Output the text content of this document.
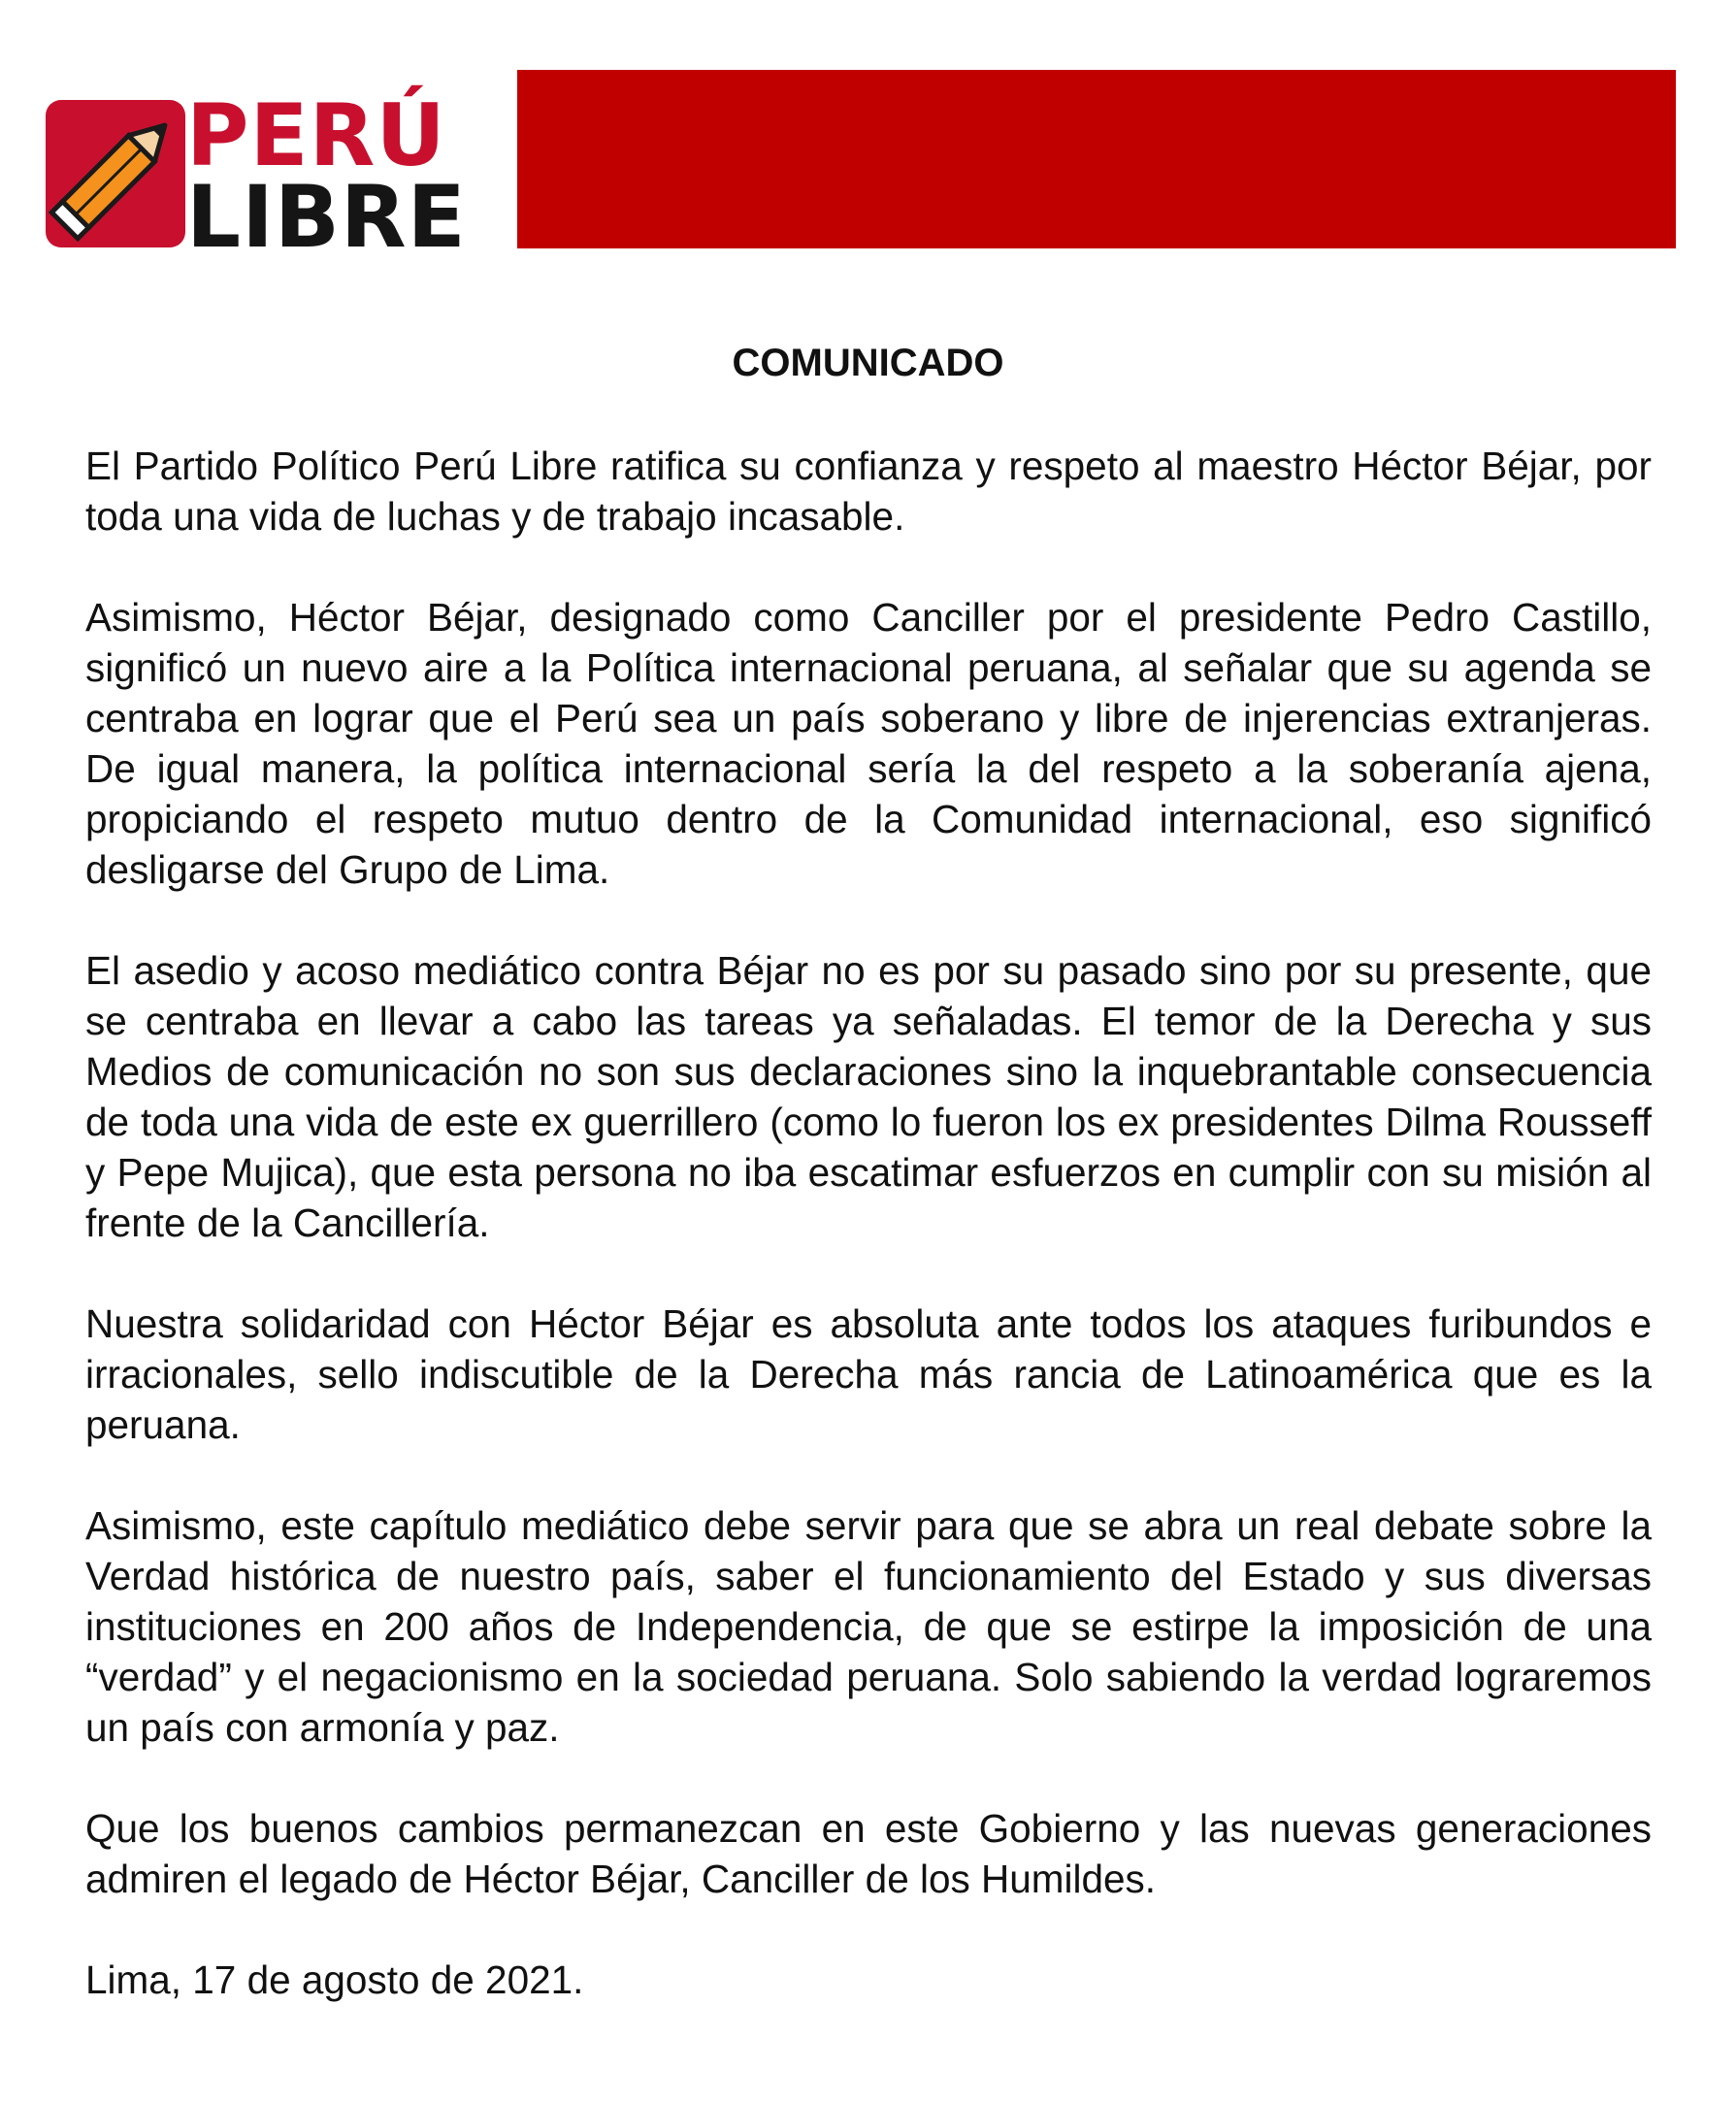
PERÚ
LIBRE
COMUNICADO

El Partido Político Perú Libre ratifica su confianza y respeto al maestro Héctor Béjar, por toda una vida de luchas y de trabajo incasable.

Asimismo, Héctor Béjar, designado como Canciller por el presidente Pedro Castillo, significó un nuevo aire a la Política internacional peruana, al señalar que su agenda se centraba en lograr que el Perú sea un país soberano y libre de injerencias extranjeras. De igual manera, la política internacional sería la del respeto a la soberanía ajena, propiciando el respeto mutuo dentro de la Comunidad internacional, eso significó desligarse del Grupo de Lima.

El asedio y acoso mediático contra Béjar no es por su pasado sino por su presente, que se centraba en llevar a cabo las tareas ya señaladas. El temor de la Derecha y sus Medios de comunicación no son sus declaraciones sino la inquebrantable consecuencia de toda una vida de este ex guerrillero (como lo fueron los ex presidentes Dilma Rousseff y Pepe Mujica), que esta persona no iba escatimar esfuerzos en cumplir con su misión al frente de la Cancillería.

Nuestra solidaridad con Héctor Béjar es absoluta ante todos los ataques furibundos e irracionales, sello indiscutible de la Derecha más rancia de Latinoamérica que es la peruana.

Asimismo, este capítulo mediático debe servir para que se abra un real debate sobre la Verdad histórica de nuestro país, saber el funcionamiento del Estado y sus diversas instituciones en 200 años de Independencia, de que se estirpe la imposición de una “verdad” y el negacionismo en la sociedad peruana. Solo sabiendo la verdad lograremos un país con armonía y paz.

Que los buenos cambios permanezcan en este Gobierno y las nuevas generaciones admiren el legado de Héctor Béjar, Canciller de los Humildes.

Lima, 17 de agosto de 2021.
